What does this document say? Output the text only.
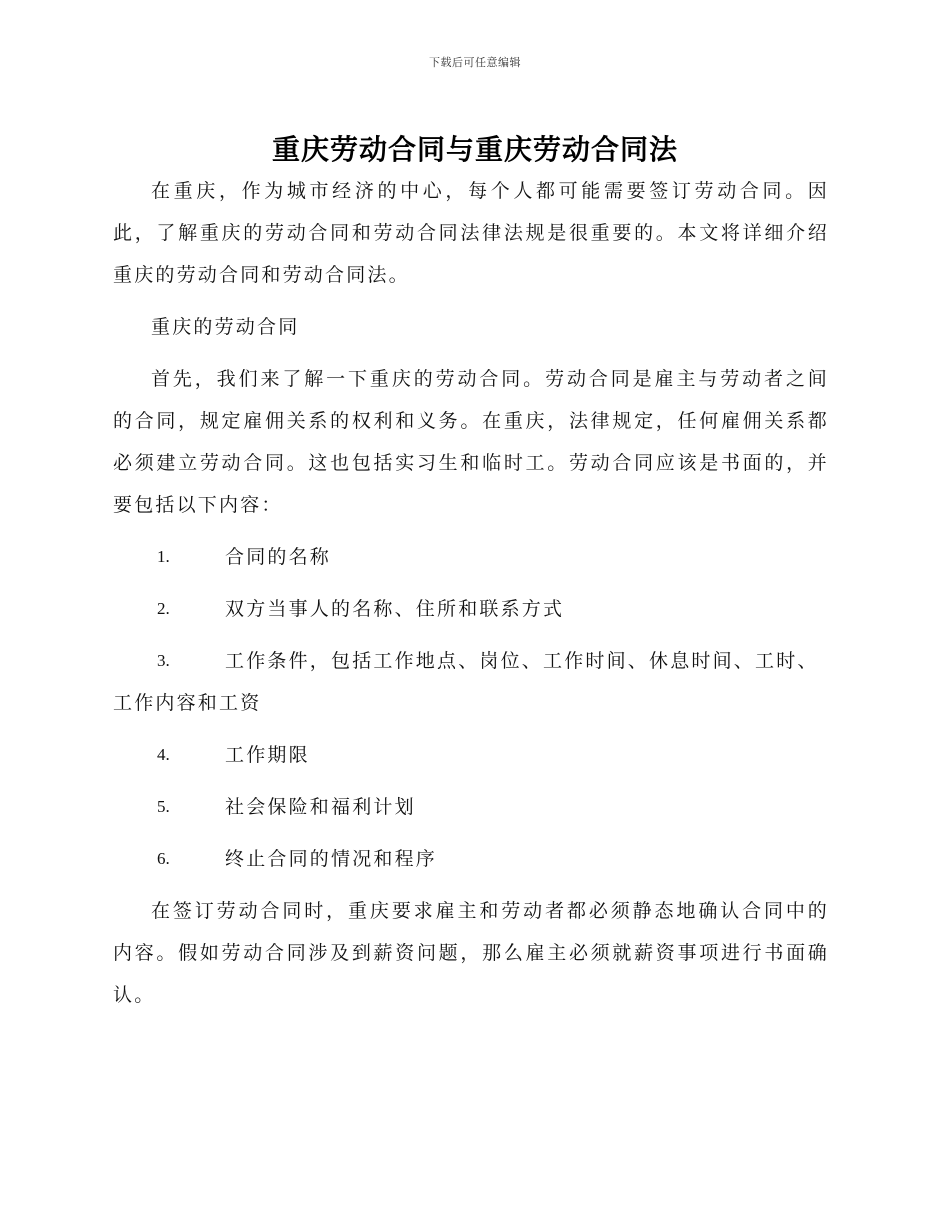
下载后可任意编辑
重庆劳动合同与重庆劳动合同法

在重庆，作为城市经济的中心，每个人都可能需要签订劳动合同。因此，了解重庆的劳动合同和劳动合同法律法规是很重要的。本文将详细介绍重庆的劳动合同和劳动合同法。

重庆的劳动合同

首先，我们来了解一下重庆的劳动合同。劳动合同是雇主与劳动者之间的合同，规定雇佣关系的权利和义务。在重庆，法律规定，任何雇佣关系都必须建立劳动合同。这也包括实习生和临时工。劳动合同应该是书面的，并要包括以下内容：

1.	合同的名称

2.	双方当事人的名称、住所和联系方式

3.	工作条件，包括工作地点、岗位、工作时间、休息时间、工时、工作内容和工资

4.	工作期限

5.	社会保险和福利计划

6.	终止合同的情况和程序

在签订劳动合同时，重庆要求雇主和劳动者都必须静态地确认合同中的内容。假如劳动合同涉及到薪资问题，那么雇主必须就薪资事项进行书面确认。
